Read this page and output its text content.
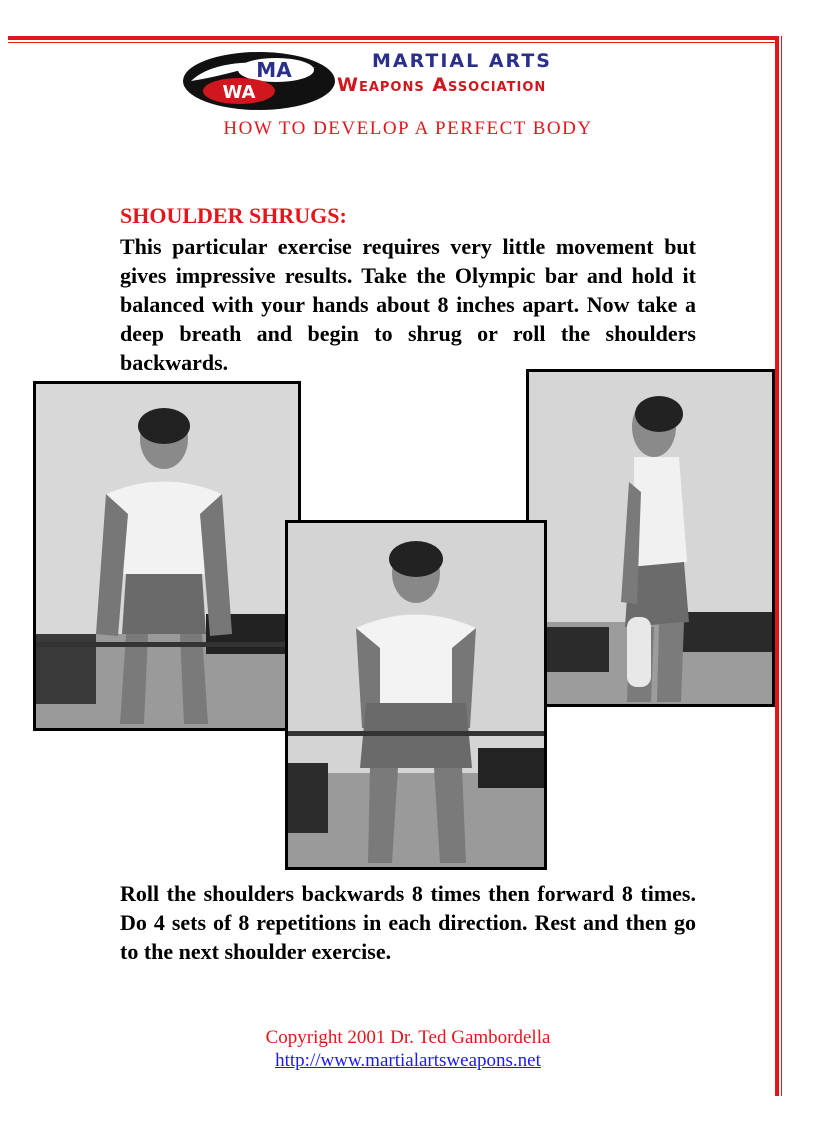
MA
WA
MARTIAL ARTS
Weapons Association
HOW TO DEVELOP A PERFECT BODY
SHOULDER SHRUGS:
This particular exercise requires very little movement but gives impressive results. Take the Olympic bar and hold it balanced with your hands about 8 inches apart. Now take a deep breath and begin to shrug or roll the shoulders backwards.
Roll the shoulders backwards 8 times then forward 8 times. Do 4 sets of 8 repetitions in each direction. Rest and then go to the next shoulder exercise.
Copyright 2001 Dr. Ted Gambordella
http://www.martialartsweapons.net
